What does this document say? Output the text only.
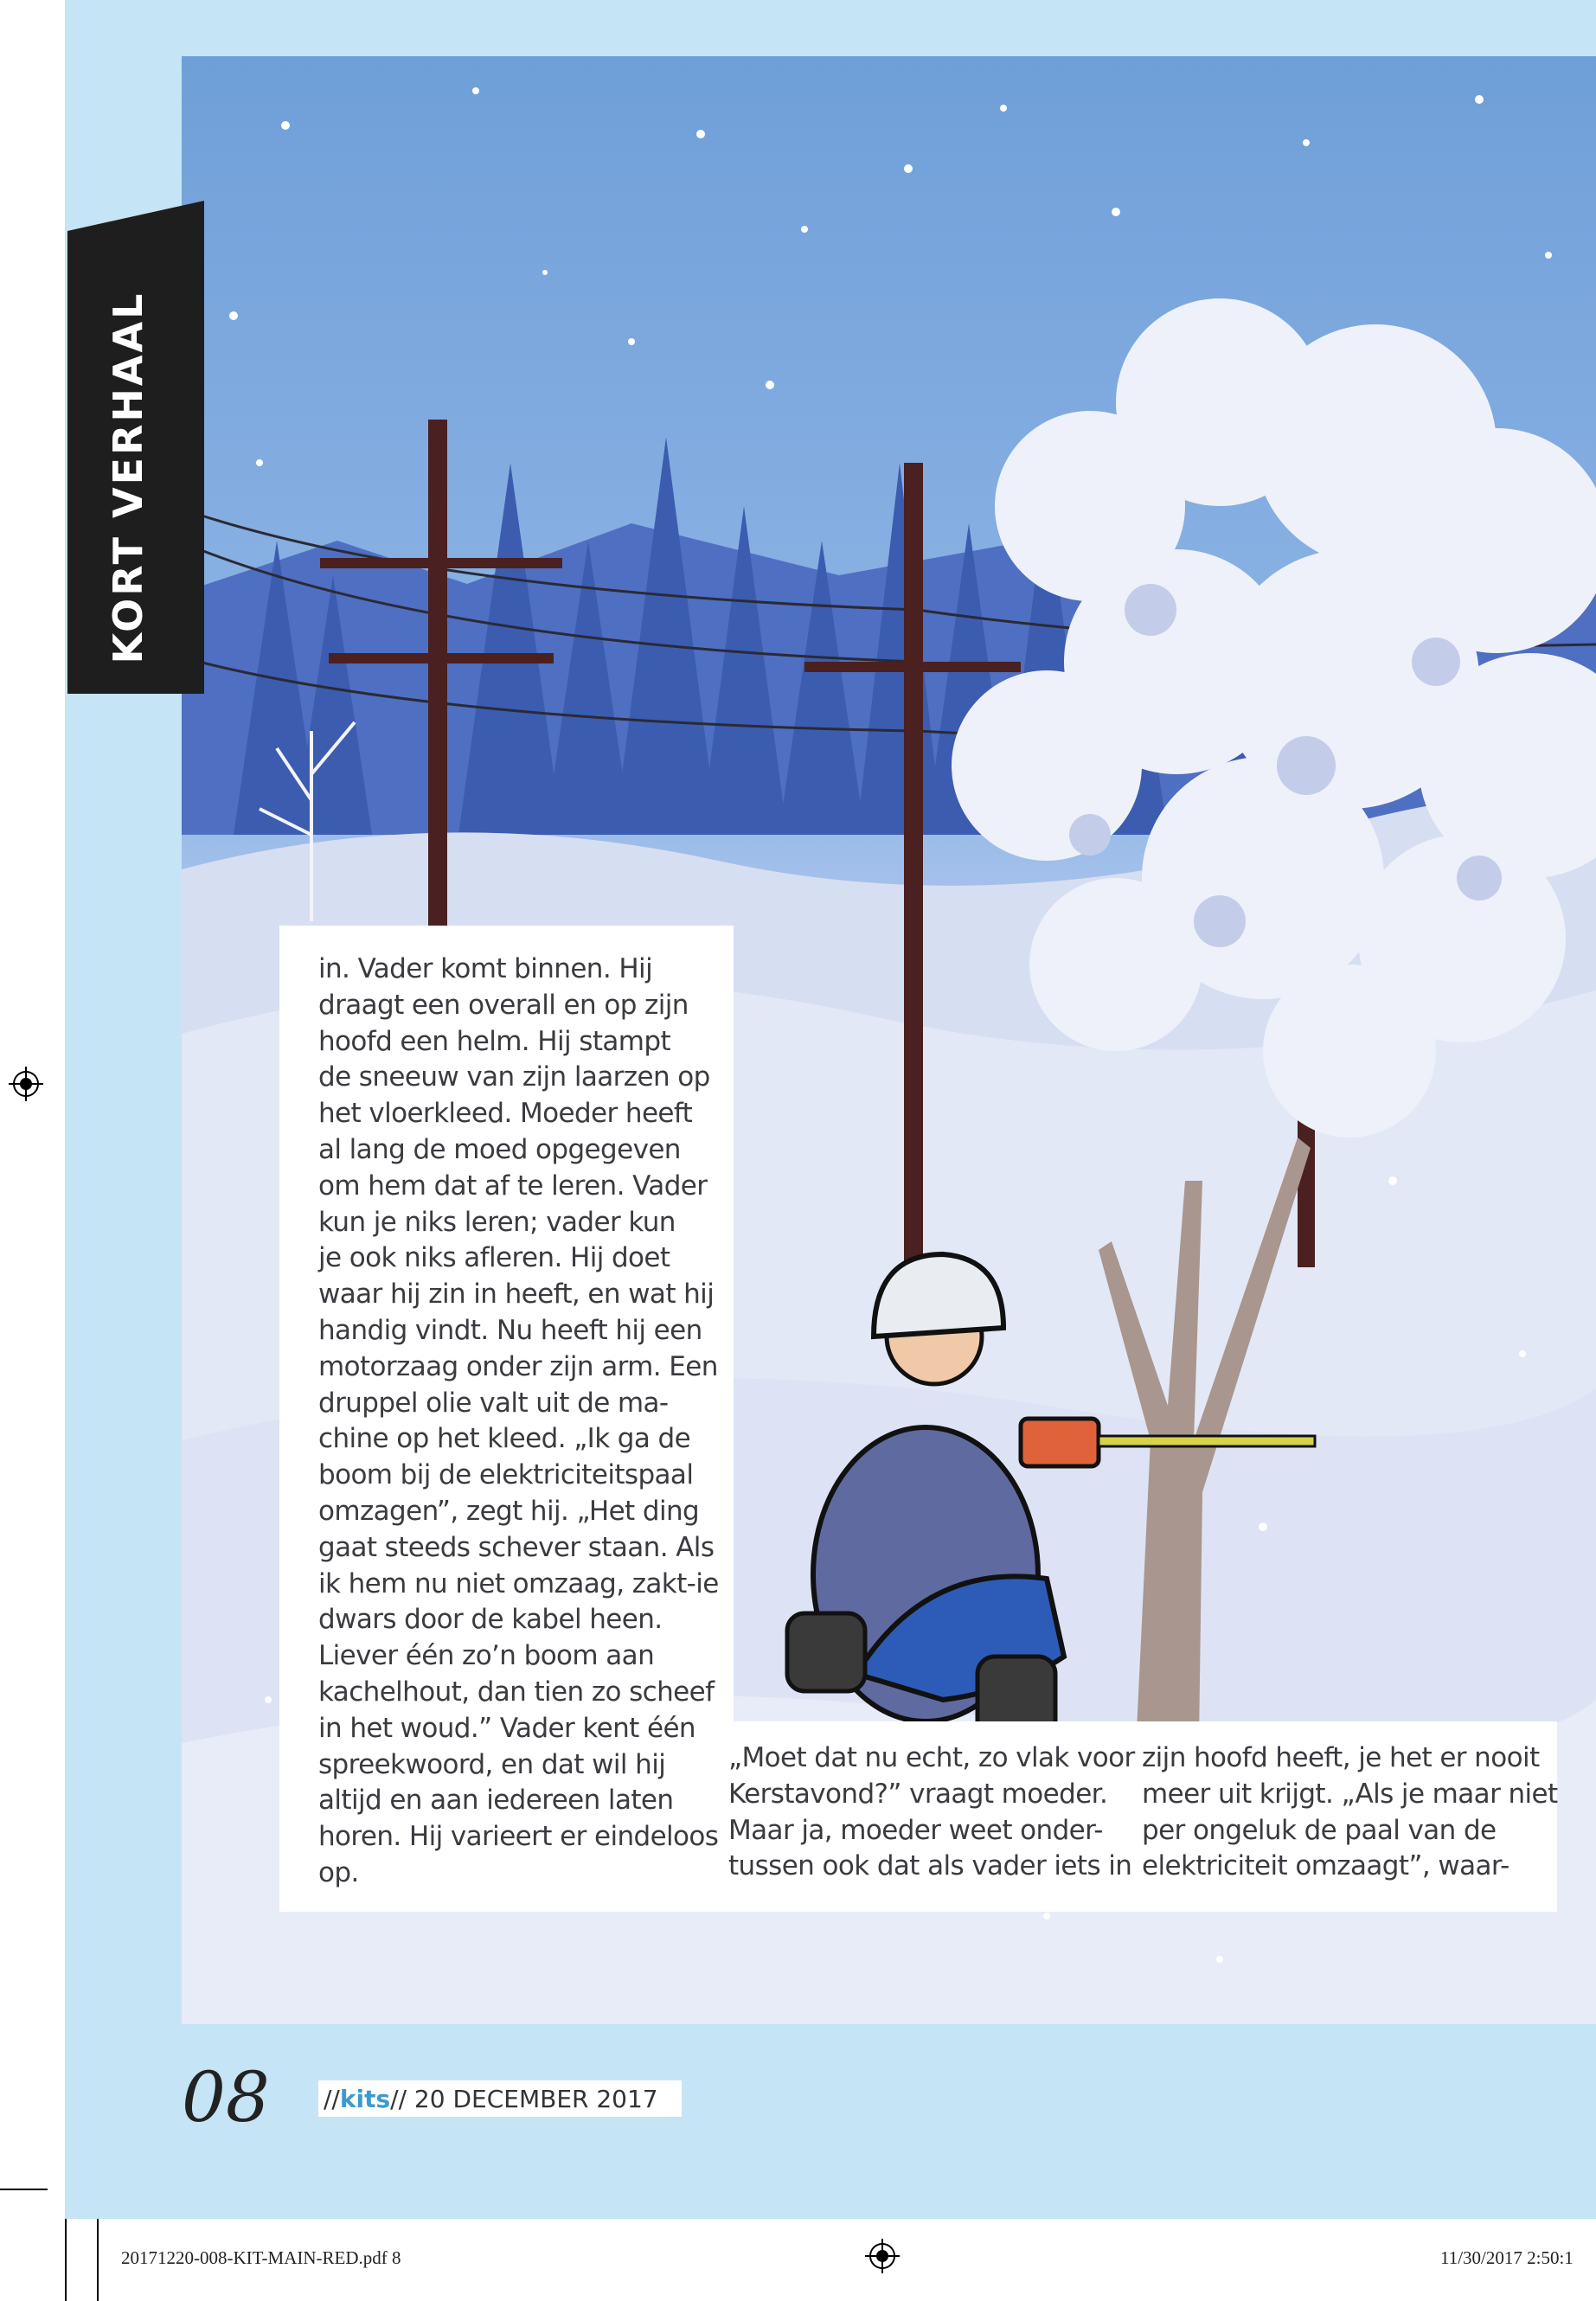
KORT VERHAAL
in. Vader komt binnen. Hij
draagt een overall en op zijn
hoofd een helm. Hij stampt
de sneeuw van zijn laarzen op
het vloerkleed. Moeder heeft
al lang de moed opgegeven
om hem dat af te leren. Vader
kun je niks leren; vader kun
je ook niks afleren. Hij doet
waar hij zin in heeft, en wat hij
handig vindt. Nu heeft hij een
motorzaag onder zijn arm. Een
druppel olie valt uit de ma-
chine op het kleed. „Ik ga de
boom bij de elektriciteitspaal
omzagen”, zegt hij. „Het ding
gaat steeds schever staan. Als
ik hem nu niet omzaag, zakt-ie
dwars door de kabel heen.
Liever één zo’n boom aan
kachelhout, dan tien zo scheef
in het woud.” Vader kent één
spreekwoord, en dat wil hij
altijd en aan iedereen laten
horen. Hij varieert er eindeloos
op.
„Moet dat nu echt, zo vlak voor
Kerstavond?” vraagt moeder.
Maar ja, moeder weet onder-
tussen ook dat als vader iets in
zijn hoofd heeft, je het er nooit
meer uit krijgt. „Als je maar niet
per ongeluk de paal van de
elektriciteit omzaagt”, waar-
08 // kits // 20 DECEMBER 2017
20171220-008-KIT-MAIN-RED.pdf 8	11/30/2017 2:50:1
